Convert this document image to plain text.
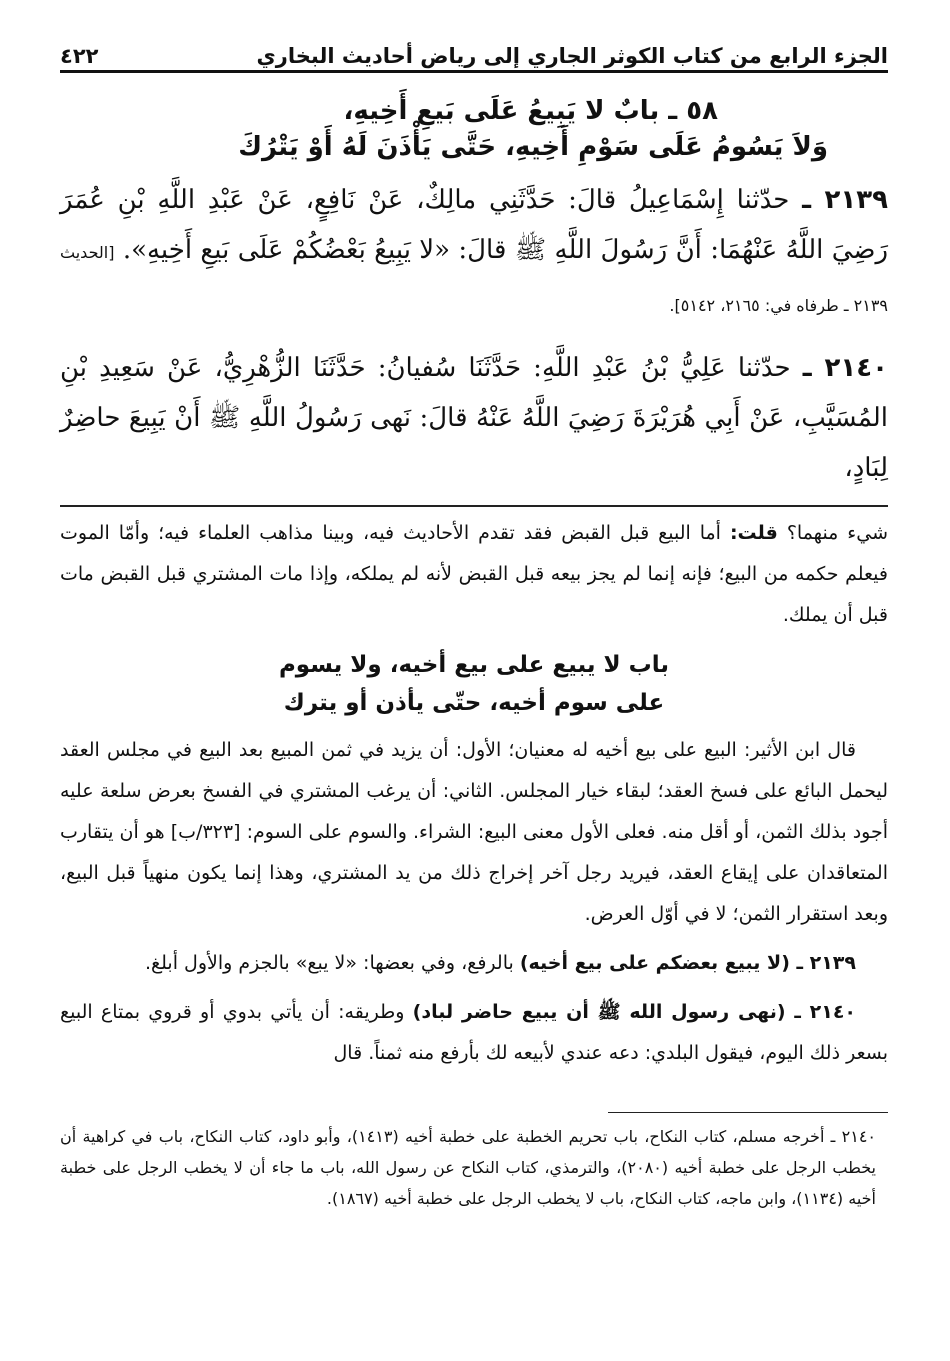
الجزء الرابع من كتاب الكوثر الجاري إلى رياض أحاديث البخاري
٤٢٢
٥٨ ـ بابٌ لا يَبِيعُ عَلَى بَيعِ أَخِيهِ،
وَلاَ يَسُومُ عَلَى سَوْمِ أَخِيهِ، حَتَّى يَأْذَنَ لَهُ أَوْ يَتْرُكَ
٢١٣٩ ـ حدّثنا إِسْمَاعِيلُ قالَ: حَدَّثَنِي مالِكٌ، عَنْ نَافِعٍ، عَنْ عَبْدِ اللَّهِ بْنِ عُمَرَ رَضِيَ اللَّهُ عَنْهُمَا: أَنَّ رَسُولَ اللَّهِ ﷺ قالَ: «لا يَبِيعُ بَعْضُكُمْ عَلَى بَيعِ أَخِيهِ». [الحديث ٢١٣٩ ـ طرفاه في: ٢١٦٥، ٥١٤٢].
٢١٤٠ ـ حدّثنا عَلِيُّ بْنُ عَبْدِ اللَّهِ: حَدَّثَنَا سُفيانُ: حَدَّثَنَا الزُّهْرِيُّ، عَنْ سَعِيدِ بْنِ المُسَيَّبِ، عَنْ أَبِي هُرَيْرَةَ رَضِيَ اللَّهُ عَنْهُ قالَ: نَهى رَسُولُ اللَّهِ ﷺ أَنْ يَبِيعَ حاضِرٌ لِبَادٍ،

شيء منهما؟ قلت: أما البيع قبل القبض فقد تقدم الأحاديث فيه، وبينا مذاهب العلماء فيه؛ وأمّا الموت فيعلم حكمه من البيع؛ فإنه إنما لم يجز بيعه قبل القبض لأنه لم يملكه، وإذا مات المشتري قبل القبض مات قبل أن يملك.

باب لا يبيع على بيع أخيه، ولا يسوم
على سوم أخيه، حتّى يأذن أو يترك

قال ابن الأثير: البيع على بيع أخيه له معنيان؛ الأول: أن يزيد في ثمن المبيع بعد البيع في مجلس العقد ليحمل البائع على فسخ العقد؛ لبقاء خيار المجلس. الثاني: أن يرغب المشتري في الفسخ بعرض سلعة عليه أجود بذلك الثمن، أو أقل منه. فعلى الأول معنى البيع: الشراء. والسوم على السوم: [٣٢٣/ب] هو أن يتقارب المتعاقدان على إيقاع العقد، فيريد رجل آخر إخراج ذلك من يد المشتري، وهذا إنما يكون منهياً قبل البيع، وبعد استقرار الثمن؛ لا في أوّل العرض.

٢١٣٩ ـ (لا يبيع بعضكم على بيع أخيه) بالرفع، وفي بعضها: «لا يبع» بالجزم والأول أبلغ.

٢١٤٠ ـ (نهى رسول الله ﷺ أن يبيع حاضر لباد) وطريقه: أن يأتي بدوي أو قروي بمتاع البيع بسعر ذلك اليوم، فيقول البلدي: دعه عندي لأبيعه لك بأرفع منه ثمناً. قال

٢١٤٠ ـ أخرجه مسلم، كتاب النكاح، باب تحريم الخطبة على خطبة أخيه (١٤١٣)، وأبو داود، كتاب النكاح، باب في كراهية أن يخطب الرجل على خطبة أخيه (٢٠٨٠)، والترمذي، كتاب النكاح عن رسول الله، باب ما جاء أن لا يخطب الرجل على خطبة أخيه (١١٣٤)، وابن ماجه، كتاب النكاح، باب لا يخطب الرجل على خطبة أخيه (١٨٦٧).
